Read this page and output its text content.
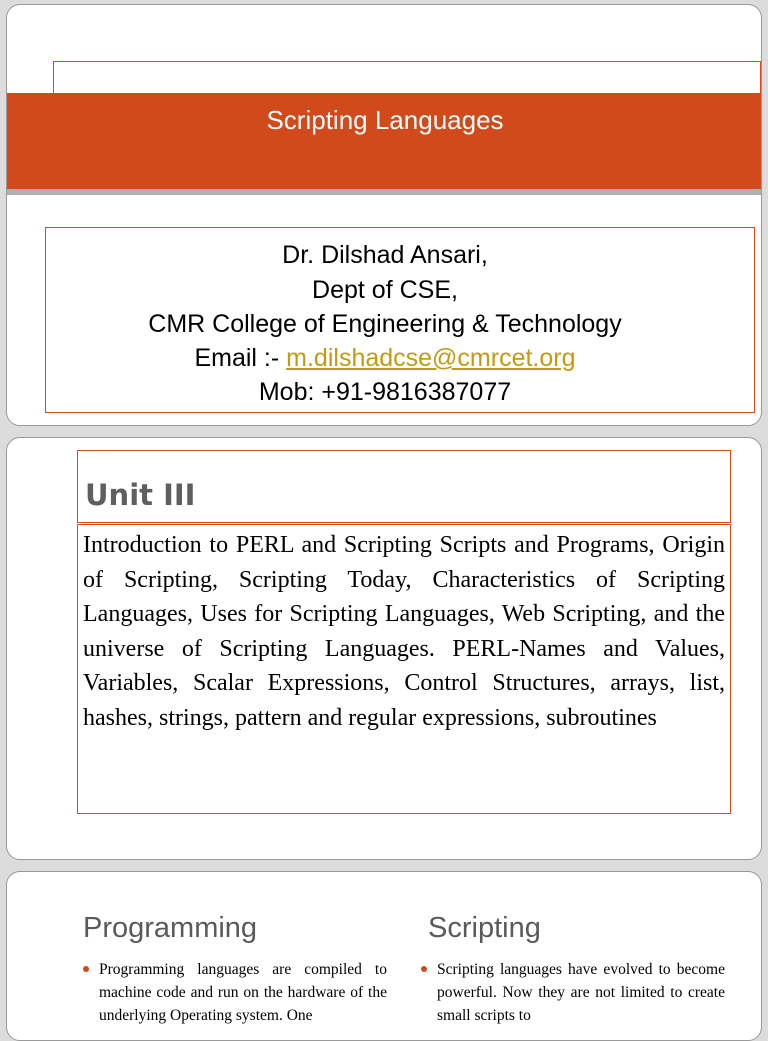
Scripting Languages
Dr. Dilshad Ansari,
Dept of CSE,
CMR College of Engineering & Technology
Email :- m.dilshadcse@cmrcet.org
Mob: +91-9816387077
Unit III
Introduction to PERL and Scripting Scripts and Programs, Origin of Scripting, Scripting Today, Characteristics of Scripting Languages, Uses for Scripting Languages, Web Scripting, and the universe of Scripting Languages. PERL-Names and Values, Variables, Scalar Expressions, Control Structures, arrays, list, hashes, strings, pattern and regular expressions, subroutines
Programming
Programming languages are compiled to machine code and run on the hardware of the underlying Operating system. One
Scripting
Scripting languages have evolved to become powerful. Now they are not limited to create small scripts to
